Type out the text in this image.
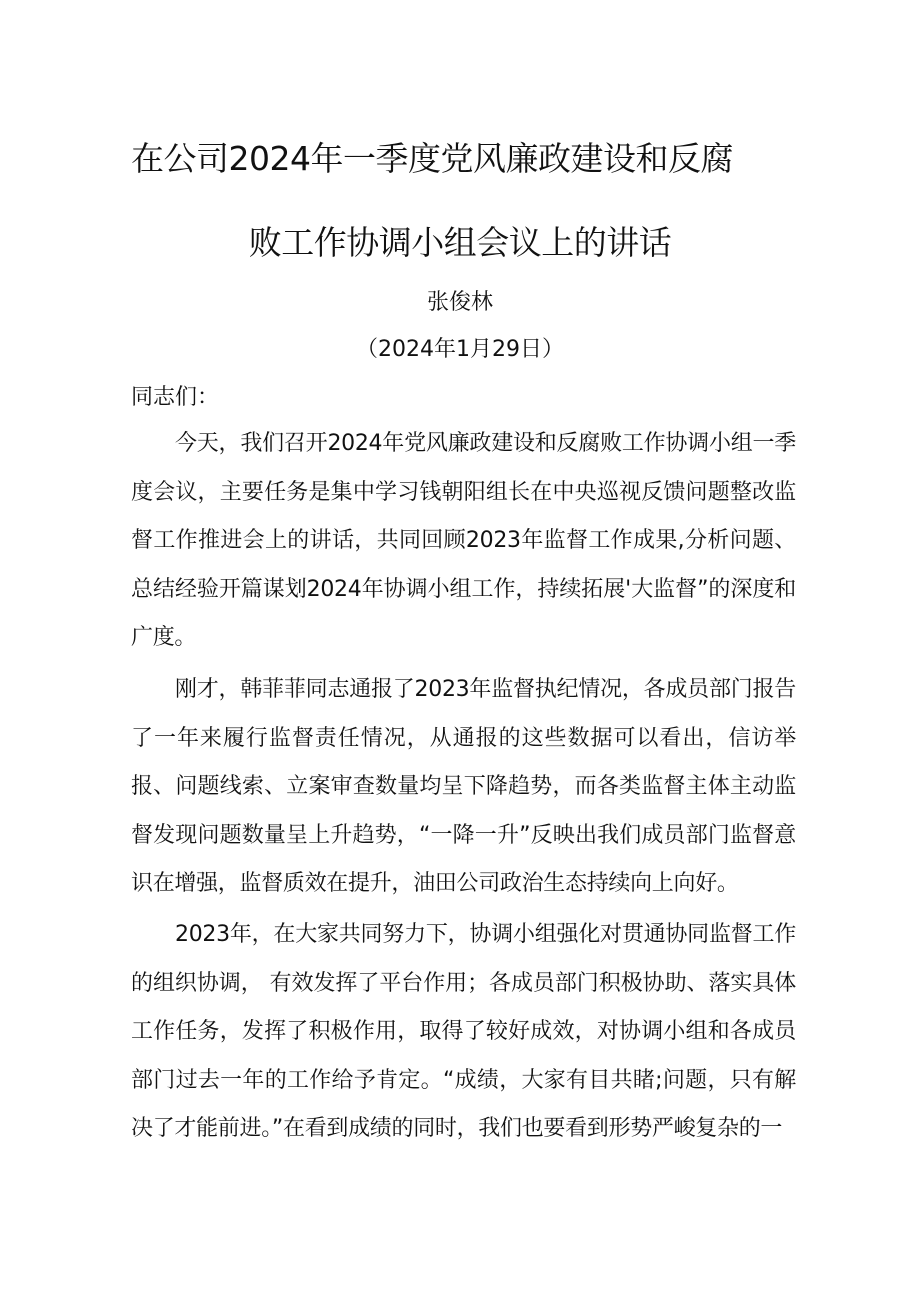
在公司2024年一季度党风廉政建设和反腐
败工作协调小组会议上的讲话
张俊林
（2024年1月29日）
同志们：

今天，我们召开2024年党风廉政建设和反腐败工作协调小组一季度会议，主要任务是集中学习钱朝阳组长在中央巡视反馈问题整改监督工作推进会上的讲话，共同回顾2023年监督工作成果,分析问题、总结经验开篇谋划2024年协调小组工作，持续拓展'大监督”的深度和广度。

刚才，韩菲菲同志通报了2023年监督执纪情况，各成员部门报告了一年来履行监督责任情况，从通报的这些数据可以看出，信访举报、问题线索、立案审查数量均呈下降趋势，而各类监督主体主动监督发现问题数量呈上升趋势，“一降一升”反映出我们成员部门监督意识在增强，监督质效在提升，油田公司政治生态持续向上向好。

2023年，在大家共同努力下，协调小组强化对贯通协同监督工作的组织协调， 有效发挥了平台作用；各成员部门积极协助、落实具体工作任务，发挥了积极作用，取得了较好成效，对协调小组和各成员部门过去一年的工作给予肯定。“成绩，大家有目共睹;问题，只有解决了才能前进。”在看到成绩的同时，我们也要看到形势严峻复杂的一
